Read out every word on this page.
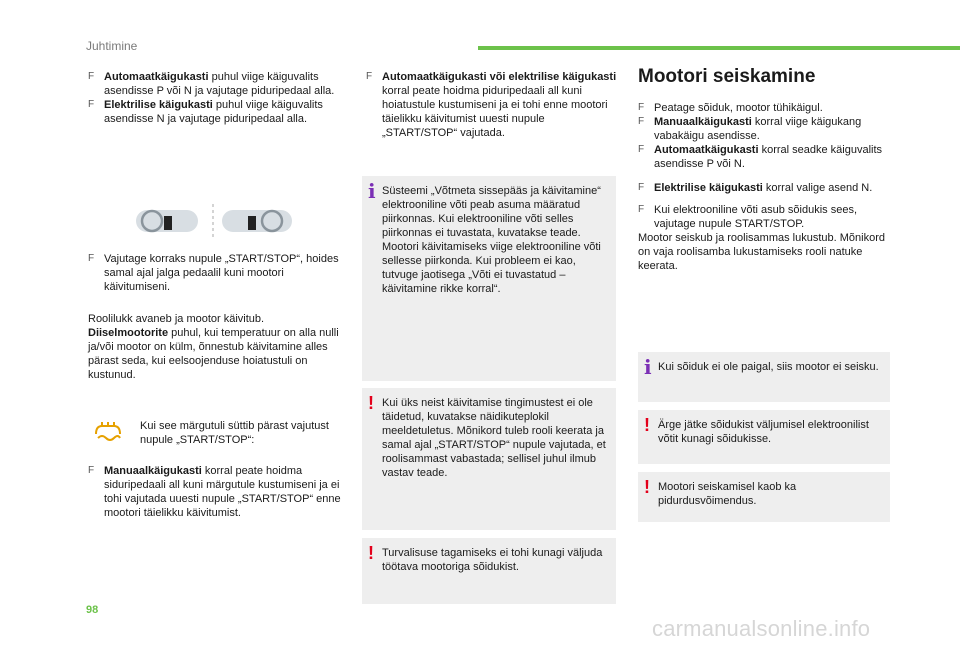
Juhtimine
F Automaatkäigukasti puhul viige käiguvalits asendisse P või N ja vajutage piduripedaal alla.
F Elektrilise käigukasti puhul viige käiguvalits asendisse N ja vajutage piduripedaal alla.
F Vajutage korraks nupule „START/STOP“, hoides samal ajal jalga pedaalil kuni mootori käivitumiseni.
Roolilukk avaneb ja mootor käivitub.
Diiselmootorite puhul, kui temperatuur on alla nulli ja/või mootor on külm, õnnestub käivitamine alles pärast seda, kui eelsoojenduse hoiatustuli on kustunud.
Kui see märgutuli süttib pärast vajutust nupule „START/STOP“:
F Manuaalkäigukasti korral peate hoidma siduripedaali all kuni märgutule kustumiseni ja ei tohi vajutada uuesti nupule „START/STOP“ enne mootori täielikku käivitumist.
F Automaatkäigukasti või elektrilise käigukasti korral peate hoidma piduripedaali all kuni hoiatustule kustumiseni ja ei tohi enne mootori täielikku käivitumist uuesti nupule „START/STOP“ vajutada.
i Süsteemi „Võtmeta sissepääs ja käivitamine“ elektrooniline võti peab asuma määratud piirkonnas. Kui elektrooniline võti selles piirkonnas ei tuvastata, kuvatakse teade. Mootori käivitamiseks viige elektrooniline võti sellesse piirkonda. Kui probleem ei kao, tutvuge jaotisega „Võti ei tuvastatud – käivitamine rikke korral“.
! Kui üks neist käivitamise tingimustest ei ole täidetud, kuvatakse näidikuteplokil meeldetuletus. Mõnikord tuleb rooli keerata ja samal ajal „START/STOP“ nupule vajutada, et roolisammast vabastada; sellisel juhul ilmub vastav teade.
! Turvalisuse tagamiseks ei tohi kunagi väljuda töötava mootoriga sõidukist.
Mootori seiskamine
F Peatage sõiduk, mootor tühikäigul.
F Manuaalkäigukasti korral viige käigukang vabakäigu asendisse.
F Automaatkäigukasti korral seadke käiguvalits asendisse P või N.
F Elektrilise käigukasti korral valige asend N.
F Kui elektrooniline võti asub sõidukis sees, vajutage nupule START/STOP.
Mootor seiskub ja roolisammas lukustub. Mõnikord on vaja roolisamba lukustamiseks rooli natuke keerata.
i Kui sõiduk ei ole paigal, siis mootor ei seisku.
! Ärge jätke sõidukist väljumisel elektroonilist võtit kunagi sõidukisse.
! Mootori seiskamisel kaob ka pidurdusvõimendus.
98
carmanualsonline.info
